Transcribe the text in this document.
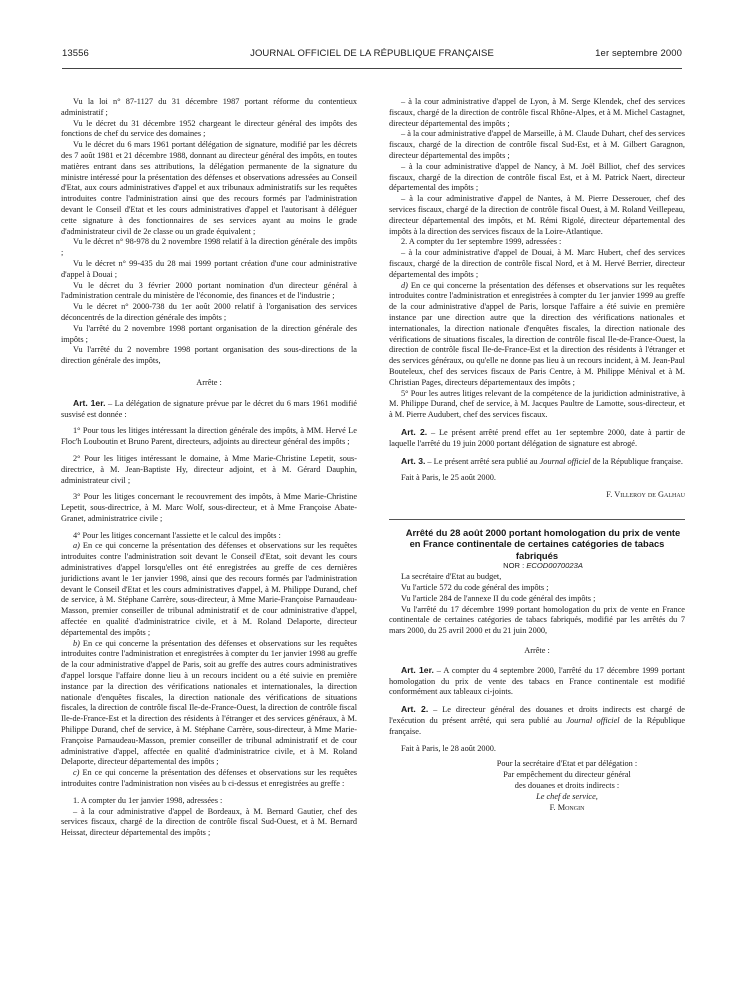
13556	JOURNAL OFFICIEL DE LA RÉPUBLIQUE FRANÇAISE	1er septembre 2000

Vu la loi n° 87-1127 du 31 décembre 1987 portant réforme du contentieux administratif ;

Vu le décret du 31 décembre 1952 chargeant le directeur général des impôts des fonctions de chef du service des domaines ;

Vu le décret du 6 mars 1961 portant délégation de signature, modifié par les décrets des 7 août 1981 et 21 décembre 1988, donnant au directeur général des impôts, en toutes matières entrant dans ses attributions, la délégation permanente de la signature du ministre intéressé pour la présentation des défenses et observations adressées au Conseil d'Etat, aux cours administratives d'appel et aux tribunaux administratifs sur les requêtes introduites contre l'administration ainsi que des recours formés par l'administration devant le Conseil d'Etat et les cours administratives d'appel et l'autorisant à déléguer cette signature à des fonctionnaires de ses services ayant au moins le grade d'administrateur civil de 2e classe ou un grade équivalent ;

Vu le décret n° 98-978 du 2 novembre 1998 relatif à la direction générale des impôts ;

Vu le décret n° 99-435 du 28 mai 1999 portant création d'une cour administrative d'appel à Douai ;

Vu le décret du 3 février 2000 portant nomination d'un directeur général à l'administration centrale du ministère de l'économie, des finances et de l'industrie ;

Vu le décret n° 2000-738 du 1er août 2000 relatif à l'organisation des services déconcentrés de la direction générale des impôts ;

Vu l'arrêté du 2 novembre 1998 portant organisation de la direction générale des impôts ;

Vu l'arrêté du 2 novembre 1998 portant organisation des sous-directions de la direction générale des impôts,

Arrête :

Art. 1er. – La délégation de signature prévue par le décret du 6 mars 1961 modifié susvisé est donnée :

1° Pour tous les litiges intéressant la direction générale des impôts, à MM. Hervé Le Floc'h Louboutin et Bruno Parent, directeurs, adjoints au directeur général des impôts ;

2° Pour les litiges intéressant le domaine, à Mme Marie-Christine Lepetit, sous-directrice, à M. Jean-Baptiste Hy, directeur adjoint, et à M. Gérard Dauphin, administrateur civil ;

3° Pour les litiges concernant le recouvrement des impôts, à Mme Marie-Christine Lepetit, sous-directrice, à M. Marc Wolf, sous-directeur, et à Mme Françoise Abate-Granet, administratrice civile ;

4° Pour les litiges concernant l'assiette et le calcul des impôts :

a) En ce qui concerne la présentation des défenses et observations sur les requêtes introduites contre l'administration soit devant le Conseil d'Etat, soit devant les cours administratives d'appel lorsqu'elles ont été enregistrées au greffe de ces dernières juridictions avant le 1er janvier 1998, ainsi que des recours formés par l'administration devant le Conseil d'Etat et les cours administratives d'appel, à M. Philippe Durand, chef de service, à M. Stéphane Carrère, sous-directeur, à Mme Marie-Françoise Parnaudeau-Masson, premier conseiller de tribunal administratif et de cour administrative d'appel, affectée en qualité d'administratrice civile, et à M. Roland Delaporte, directeur départemental des impôts ;

b) En ce qui concerne la présentation des défenses et observations sur les requêtes introduites contre l'administration et enregistrées à compter du 1er janvier 1998 au greffe de la cour administrative d'appel de Paris, soit au greffe des autres cours administratives d'appel lorsque l'affaire donne lieu à un recours incident ou a été suivie en première instance par la direction des vérifications nationales et internationales, la direction nationale d'enquêtes fiscales, la direction nationale des vérifications de situations fiscales, la direction de contrôle fiscal Ile-de-France-Ouest, la direction de contrôle fiscal Ile-de-France-Est et la direction des résidents à l'étranger et des services généraux, à M. Philippe Durand, chef de service, à M. Stéphane Carrère, sous-directeur, à Mme Marie-Françoise Parnaudeau-Masson, premier conseiller de tribunal administratif et de cour administrative d'appel, affectée en qualité d'administratrice civile, et à M. Roland Delaporte, directeur départemental des impôts ;

c) En ce qui concerne la présentation des défenses et observations sur les requêtes introduites contre l'administration non visées au b ci-dessus et enregistrées au greffe :

1. A compter du 1er janvier 1998, adressées :

– à la cour administrative d'appel de Bordeaux, à M. Bernard Gautier, chef des services fiscaux, chargé de la direction de contrôle fiscal Sud-Ouest, et à M. Bernard Heissat, directeur départemental des impôts ;

– à la cour administrative d'appel de Lyon, à M. Serge Klendek, chef des services fiscaux, chargé de la direction de contrôle fiscal Rhône-Alpes, et à M. Michel Castagnet, directeur départemental des impôts ;

– à la cour administrative d'appel de Marseille, à M. Claude Duhart, chef des services fiscaux, chargé de la direction de contrôle fiscal Sud-Est, et à M. Gilbert Garagnon, directeur départemental des impôts ;

– à la cour administrative d'appel de Nancy, à M. Joël Billiot, chef des services fiscaux, chargé de la direction de contrôle fiscal Est, et à M. Patrick Naert, directeur départemental des impôts ;

– à la cour administrative d'appel de Nantes, à M. Pierre Desserouer, chef des services fiscaux, chargé de la direction de contrôle fiscal Ouest, à M. Roland Veillepeau, directeur départemental des impôts, et M. Rémi Rigolé, directeur départemental des impôts à la direction des services fiscaux de la Loire-Atlantique.

2. A compter du 1er septembre 1999, adressées :

– à la cour administrative d'appel de Douai, à M. Marc Hubert, chef des services fiscaux, chargé de la direction de contrôle fiscal Nord, et à M. Hervé Berrier, directeur départemental des impôts ;

d) En ce qui concerne la présentation des défenses et observations sur les requêtes introduites contre l'administration et enregistrées à compter du 1er janvier 1999 au greffe de la cour administrative d'appel de Paris, lorsque l'affaire a été suivie en première instance par une direction autre que la direction des vérifications nationales et internationales, la direction nationale d'enquêtes fiscales, la direction nationale des vérifications de situations fiscales, la direction de contrôle fiscal Ile-de-France-Ouest, la direction de contrôle fiscal Ile-de-France-Est et la direction des résidents à l'étranger et des services généraux, ou qu'elle ne donne pas lieu à un recours incident, à M. Jean-Paul Bouteleux, chef des services fiscaux de Paris Centre, à M. Philippe Ménival et à M. Christian Pages, directeurs départementaux des impôts ;

5° Pour les autres litiges relevant de la compétence de la juridiction administrative, à M. Philippe Durand, chef de service, à M. Jacques Paultre de Lamotte, sous-directeur, et à M. Pierre Audubert, chef des services fiscaux.

Art. 2. – Le présent arrêté prend effet au 1er septembre 2000, date à partir de laquelle l'arrêté du 19 juin 2000 portant délégation de signature est abrogé.

Art. 3. – Le présent arrêté sera publié au Journal officiel de la République française.

Fait à Paris, le 25 août 2000.

F. Villeroy de Galhau

Arrêté du 28 août 2000 portant homologation du prix de vente en France continentale de certaines catégories de tabacs fabriqués

NOR : ECOD0070023A

La secrétaire d'Etat au budget,

Vu l'article 572 du code général des impôts ;

Vu l'article 284 de l'annexe II du code général des impôts ;

Vu l'arrêté du 17 décembre 1999 portant homologation du prix de vente en France continentale de certaines catégories de tabacs fabriqués, modifié par les arrêtés du 7 mars 2000, du 25 avril 2000 et du 21 juin 2000,

Arrête :

Art. 1er. – A compter du 4 septembre 2000, l'arrêté du 17 décembre 1999 portant homologation du prix de vente des tabacs en France continentale est modifié conformément aux tableaux ci-joints.

Art. 2. – Le directeur général des douanes et droits indirects est chargé de l'exécution du présent arrêté, qui sera publié au Journal officiel de la République française.

Fait à Paris, le 28 août 2000.

Pour la secrétaire d'Etat et par délégation :

Par empêchement du directeur général

des douanes et droits indirects :

Le chef de service,

F. Mongin
